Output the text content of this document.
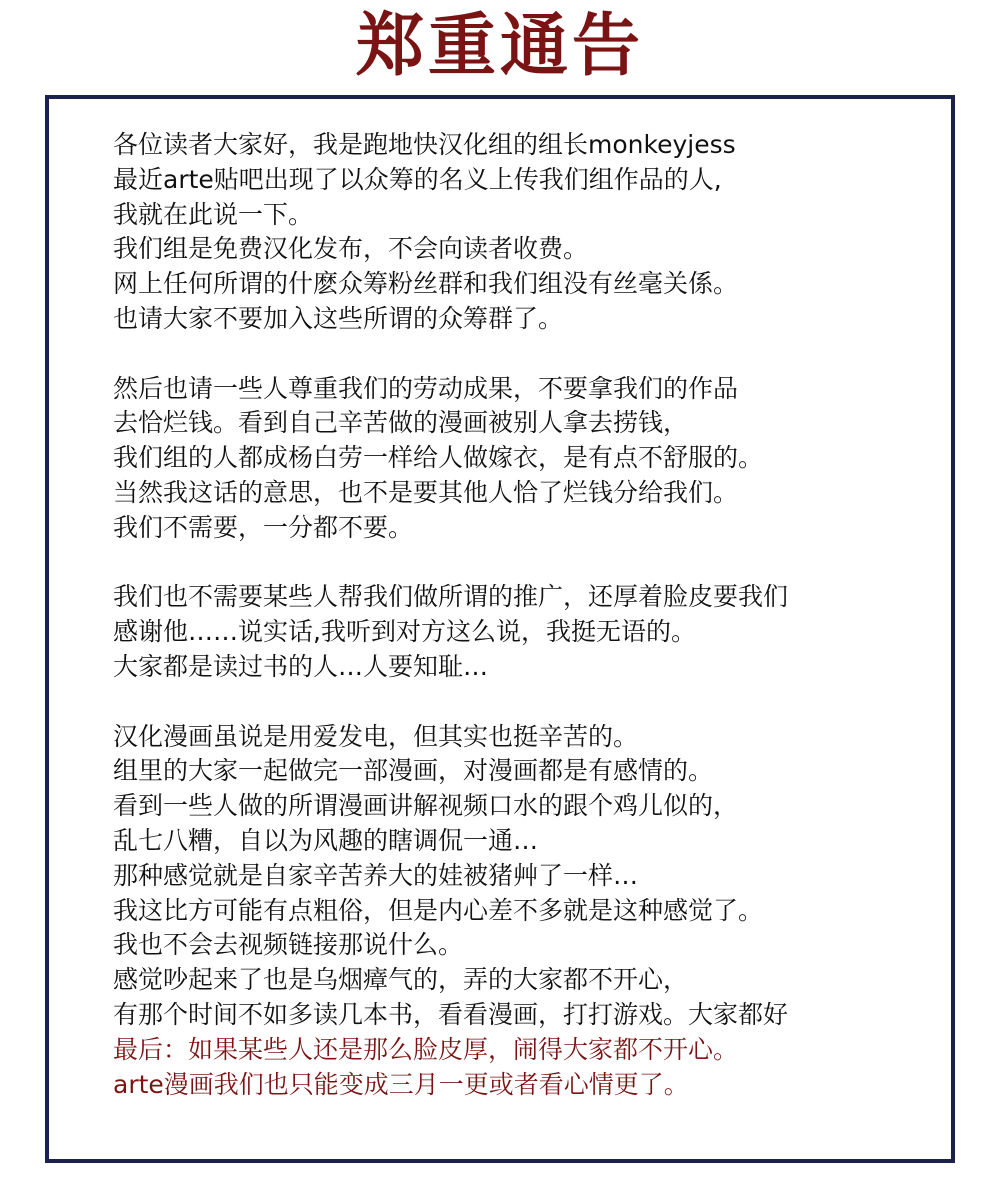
郑重通告
各位读者大家好，我是跑地快汉化组的组长monkeyjess
最近arte贴吧出现了以众筹的名义上传我们组作品的人,
我就在此说一下。
我们组是免费汉化发布，不会向读者收费。
网上任何所谓的什麽众筹粉丝群和我们组没有丝毫关係。
也请大家不要加入这些所谓的众筹群了。
然后也请一些人尊重我们的劳动成果，不要拿我们的作品
去恰烂钱。看到自己辛苦做的漫画被别人拿去捞钱，
我们组的人都成杨白劳一样给人做嫁衣，是有点不舒服的。
当然我这话的意思，也不是要其他人恰了烂钱分给我们。
我们不需要，一分都不要。
我们也不需要某些人帮我们做所谓的推广，还厚着脸皮要我们
感谢他……说实话,我听到对方这么说，我挺无语的。
大家都是读过书的人…人要知耻…
汉化漫画虽说是用爱发电，但其实也挺辛苦的。
组里的大家一起做完一部漫画，对漫画都是有感情的。
看到一些人做的所谓漫画讲解视频口水的跟个鸡儿似的，
乱七八糟，自以为风趣的瞎调侃一通…
那种感觉就是自家辛苦养大的娃被猪艸了一样…
我这比方可能有点粗俗，但是内心差不多就是这种感觉了。
我也不会去视频链接那说什么。
感觉吵起来了也是乌烟瘴气的，弄的大家都不开心，
有那个时间不如多读几本书，看看漫画，打打游戏。大家都好
最后：如果某些人还是那么脸皮厚，闹得大家都不开心。
arte漫画我们也只能变成三月一更或者看心情更了。
